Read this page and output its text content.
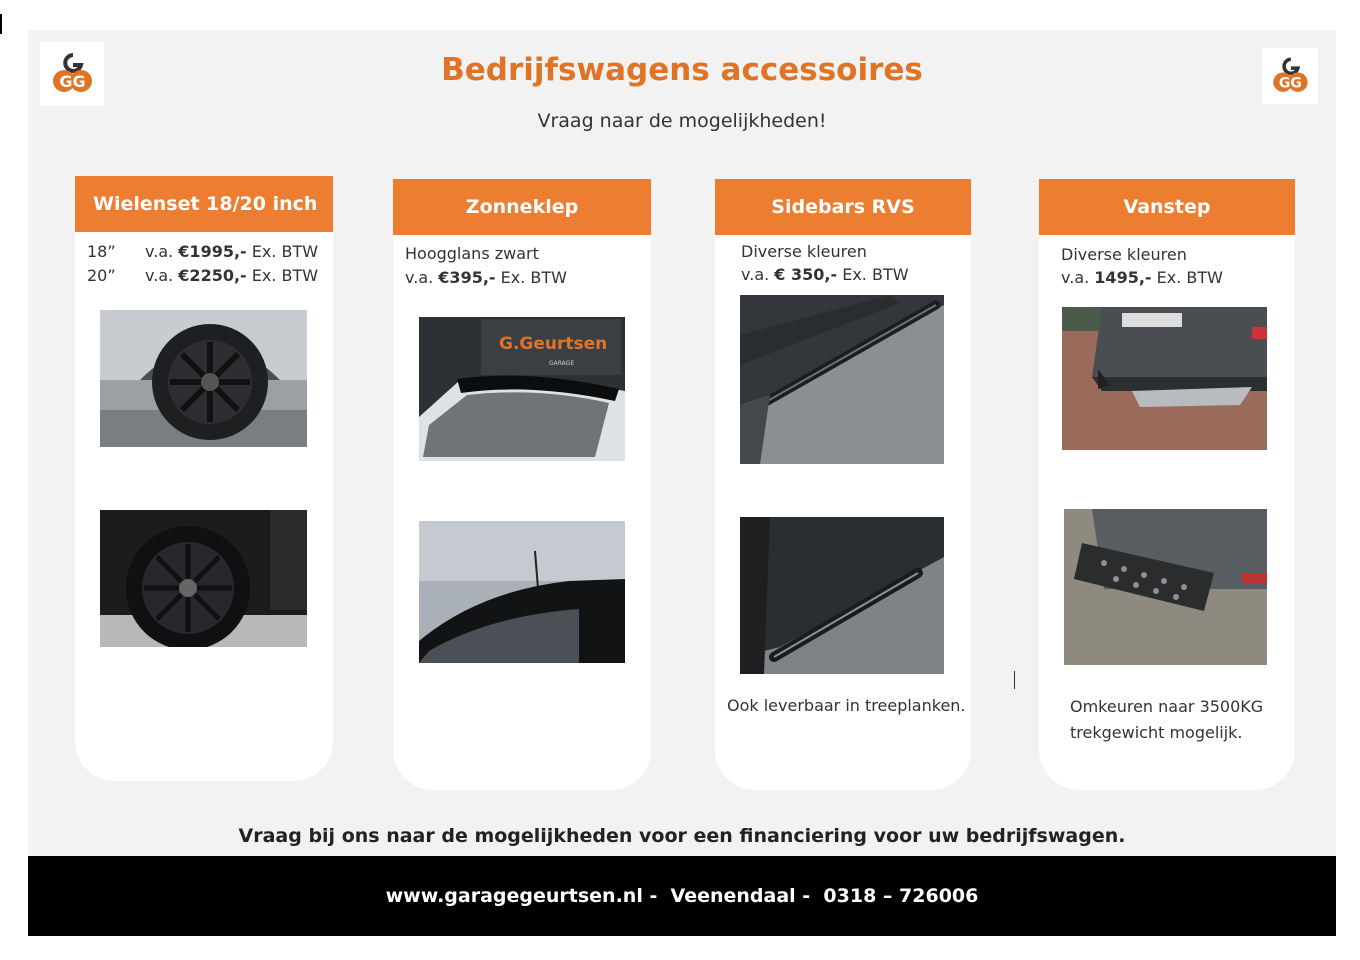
GG	GG
Bedrijfswagens accessoires
Vraag naar de mogelijkheden!
Wielenset 18/20 inch
18” v.a. €1995,- Ex. BTW
20” v.a. €2250,- Ex. BTW
Zonneklep
Hoogglans zwart
v.a. €395,- Ex. BTW
G.Geurtsen
GARAGE
Sidebars RVS
Diverse kleuren
v.a. € 350,- Ex. BTW
Ook leverbaar in treeplanken.
Vanstep
Diverse kleuren
v.a. 1495,- Ex. BTW
Omkeuren naar 3500KG
trekgewicht mogelijk.
Vraag bij ons naar de mogelijkheden voor een financiering voor uw bedrijfswagen.
www.garagegeurtsen.nl -  Veenendaal -  0318 – 726006
